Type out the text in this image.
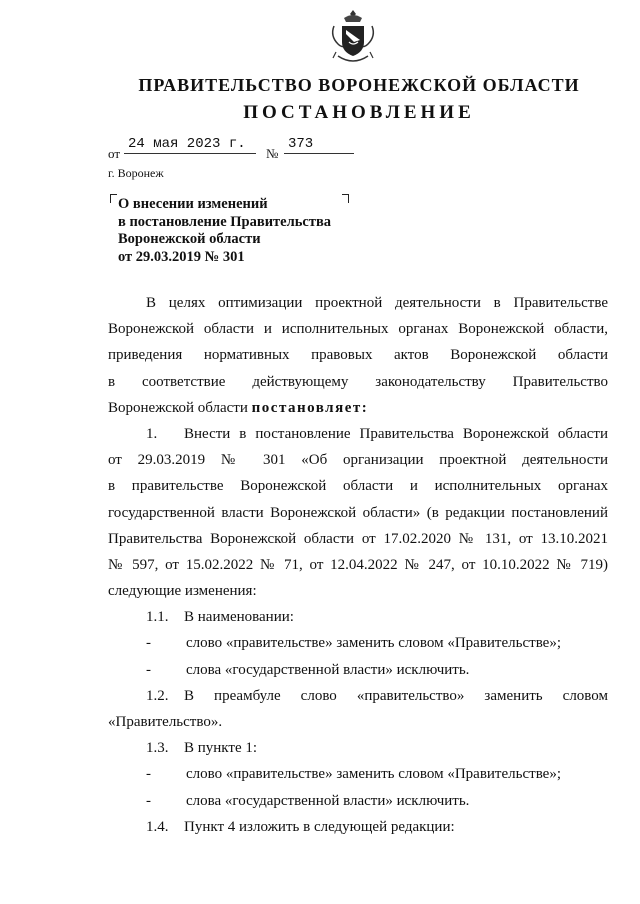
ПРАВИТЕЛЬСТВО ВОРОНЕЖСКОЙ ОБЛАСТИ
ПОСТАНОВЛЕНИЕ
от
24 мая 2023 г.
№
373
г. Воронеж
О внесении изменений
в постановление Правительства
Воронежской области
от 29.03.2019 № 301
В целях оптимизации проектной деятельности в Правительстве
Воронежской области и исполнительных органах Воронежской области,
приведения нормативных правовых актов Воронежской области
в соответствие действующему законодательству Правительство
Воронежской области постановляет:
1. Внести в постановление Правительства Воронежской области
от 29.03.2019 № 301 «Об организации проектной деятельности
в правительстве Воронежской области и исполнительных органах
государственной власти Воронежской области» (в редакции постановлений
Правительства Воронежской области от 17.02.2020 № 131, от 13.10.2021
№ 597, от 15.02.2022 № 71, от 12.04.2022 № 247, от 10.10.2022 № 719)
следующие изменения:
1.1. В наименовании:
- слово «правительстве» заменить словом «Правительстве»;
- слова «государственной власти» исключить.
1.2. В преамбуле слово «правительство» заменить словом
«Правительство».
1.3. В пункте 1:
- слово «правительстве» заменить словом «Правительстве»;
- слова «государственной власти» исключить.
1.4. Пункт 4 изложить в следующей редакции:
